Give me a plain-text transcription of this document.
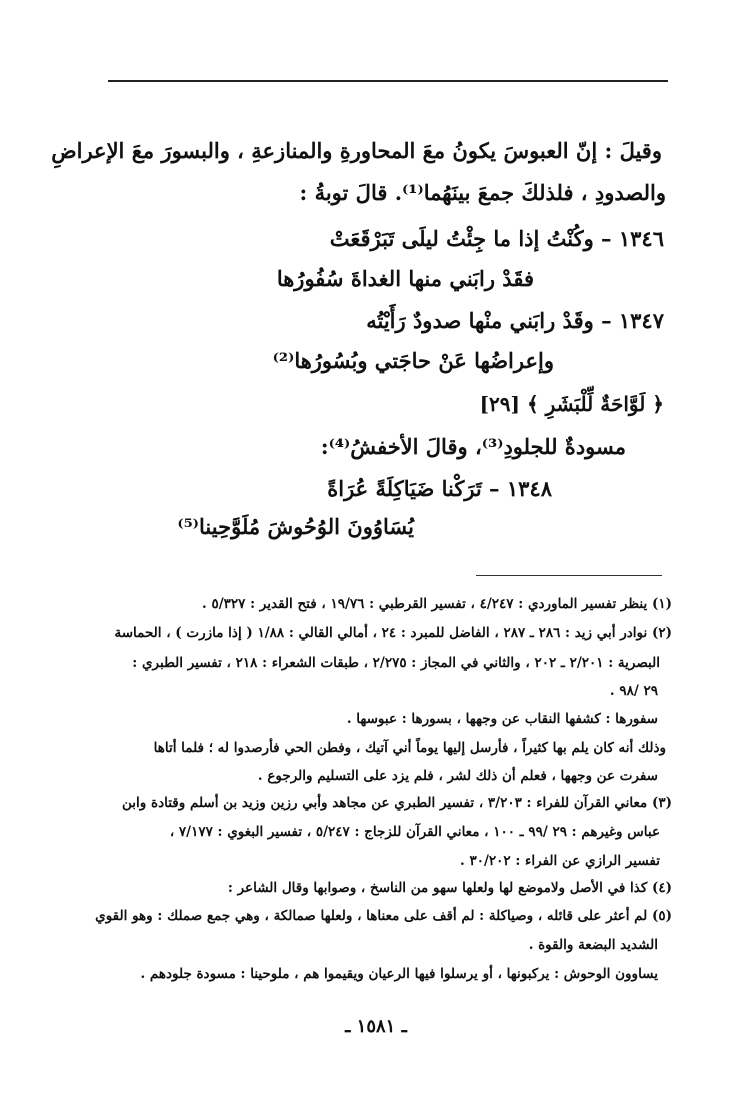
وقيلَ : إنّ العبوسَ يكونُ معَ المحاورةِ والمنازعةِ ، والبسورَ معَ الإعراضِ
والصدودِ ، فلذلكَ جمعَ بينَهُما⁽¹⁾. قالَ توبةُ :
١٣٤٦ – وكُنْتُ إذا ما جِئْتُ ليلَى تَبَرْقَعَتْ
فقَدْ رابَني منها الغداةَ سُفُورُها
١٣٤٧ – وقَدْ رابَني منْها صدودٌ رَأَيْتُه
وإعراضُها عَنْ حاجَتي وبُسُورُها⁽²⁾
﴿ لَوَّاحَةٌ لِّلْبَشَرِ ﴾ [٢٩]
مسودةٌ للجلودِ⁽³⁾، وقالَ الأخفشُ⁽⁴⁾:
١٣٤٨ – تَرَكْنا ضَيَاكِلَةً عُرَاةً
يُسَاوُونَ الوُحُوشَ مُلَوَّحِينا⁽⁵⁾
(١) ينظر تفسير الماوردي : ٤/٢٤٧ ، تفسير القرطبي : ١٩/٧٦ ، فتح القدير : ٥/٣٢٧ .
(٢) نوادر أبي زيد : ٢٨٦ ـ ٢٨٧ ، الفاضل للمبرد : ٢٤ ، أمالي القالي : ١/٨٨ ( إذا مازرت ) ، الحماسة
البصرية : ٢/٢٠١ ـ ٢٠٢ ، والثاني في المجاز : ٢/٢٧٥ ، طبقات الشعراء : ٢١٨ ، تفسير الطبري :
٢٩ /٩٨ .
سفورها : كشفها النقاب عن وجهها ، بسورها : عبوسها .
وذلك أنه كان يلم بها كثيراً ، فأرسل إليها يوماً أني آتيك ، وفطن الحي فأرصدوا له ؛ فلما أتاها
سفرت عن وجهها ، فعلم أن ذلك لشر ، فلم يزد على التسليم والرجوع .
(٣) معاني القرآن للفراء : ٣/٢٠٣ ، تفسير الطبري عن مجاهد وأبي رزين وزيد بن أسلم وقتادة وابن
عباس وغيرهم : ٢٩ /٩٩ ـ ١٠٠ ، معاني القرآن للزجاج : ٥/٢٤٧ ، تفسير البغوي : ٧/١٧٧ ،
تفسير الرازي عن الفراء : ٣٠/٢٠٢ .
(٤) كذا في الأصل ولاموضع لها ولعلها سهو من الناسخ ، وصوابها وقال الشاعر :
(٥) لم أعثر على قائله ، وصياكلة : لم أقف على معناها ، ولعلها صمالكة ، وهي جمع صملك : وهو القوي
الشديد البضعة والقوة .
يساوون الوحوش : يركبونها ، أو يرسلوا فيها الرعيان ويقيموا هم ، ملوحينا : مسودة جلودهم .
ـ ١٥٨١ ـ
